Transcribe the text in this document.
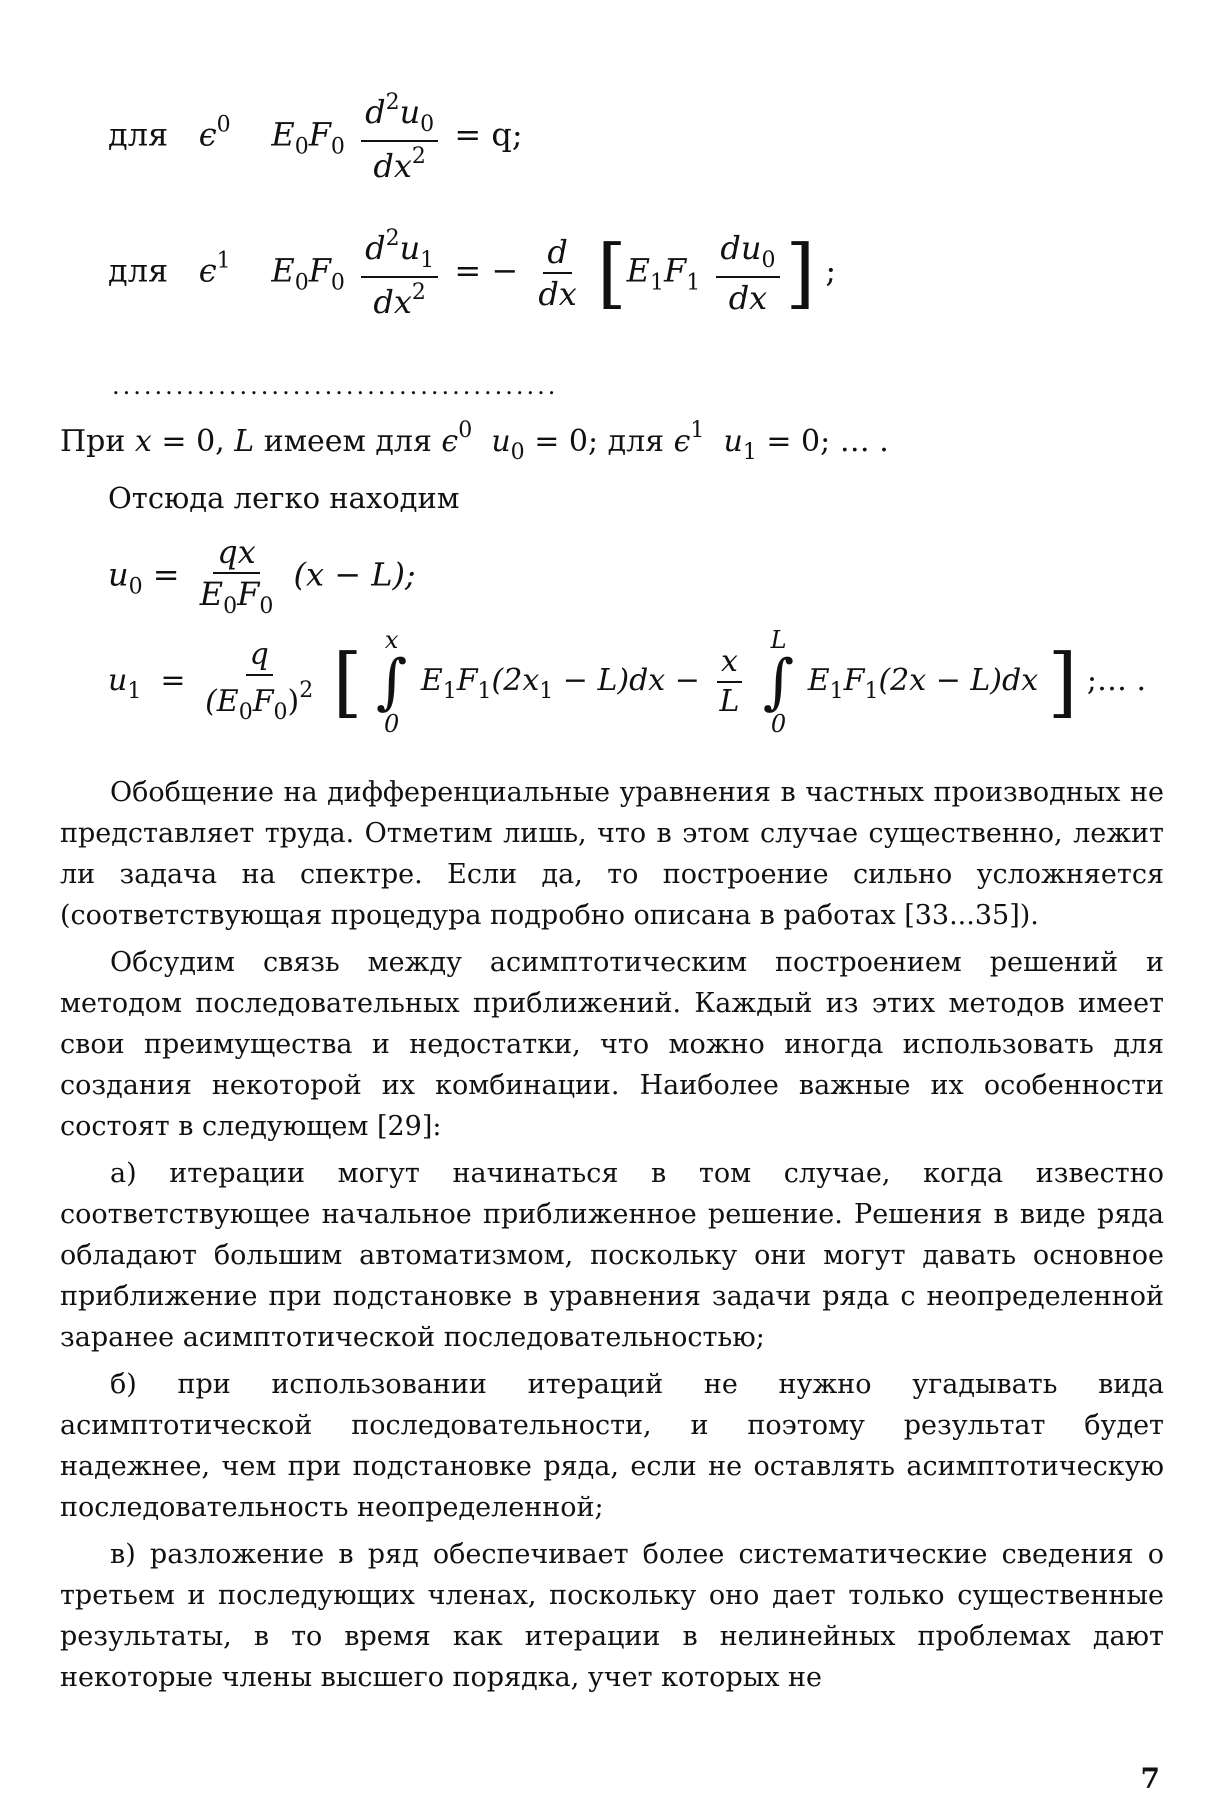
для $\epsilon^0$ $E_0F_0 \frac{d^2u_0}{dx^2} = q$;
для $\epsilon^1$ $E_0F_0 \frac{d^2u_1}{dx^2}$ = − $\frac{d}{dx} [E_1F_1 \frac{du_0}{dx}$ ] ;
..........................................
При x = 0, L имеем для $\epsilon^0$ $u_0 = 0$; для $\epsilon^1$ $u_1 = 0$; … .
Отсюда легко находим
$u_0 = \frac{qx}{E_0F_0} (x - L)$;
$u_1 = \frac{q}{(E_0F_0)^2}$ [ x
∫
0
$E_1F_1(2x_1 - L)dx - \frac{x}{L}$

L
∫
0
$E_1F_1(2x - L)dx$ ] ;… .

Обобщение на дифференциальные уравнения в частных производных не представляет труда. Отметим лишь, что в этом случае существенно, лежит ли задача на спектре. Если да, то построение сильно усложняется (соответствующая процедура подробно описана в работах [33...35]).

Обсудим связь между асимптотическим построением решений и методом последовательных приближений. Каждый из этих методов имеет свои преимущества и недостатки, что можно иногда использовать для создания некоторой их комбинации. Наиболее важные их особенности состоят в следующем [29]:

а) итерации могут начинаться в том случае, когда известно соответствующее начальное приближенное решение. Решения в виде ряда обладают большим автоматизмом, поскольку они могут давать основное приближение при подстановке в уравнения задачи ряда с неопределенной заранее асимптотической последовательностью;

б) при использовании итераций не нужно угадывать вида асимптотической последовательности, и поэтому результат будет надежнее, чем при подстановке ряда, если не оставлять асимптотическую последовательность неопределенной;

в) разложение в ряд обеспечивает более систематические сведения о третьем и последующих членах, поскольку оно дает только существенные результаты, в то время как итерации в нелинейных проблемах дают некоторые члены высшего порядка, учет которых не

7
